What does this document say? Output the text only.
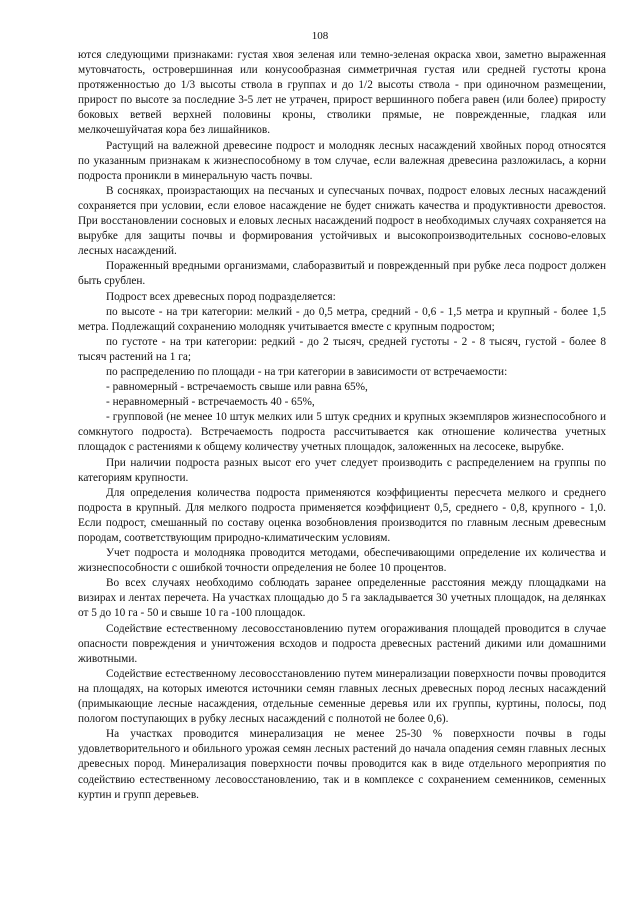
108

ются следующими признаками: густая хвоя зеленая или темно-зеленая окраска хвои, заметно выраженная мутовчатость, островершинная или конусообразная симметричная густая или средней густоты крона протяженностью до 1/3 высоты ствола в группах и до 1/2 высоты ствола - при одиночном размещении, прирост по высоте за последние 3-5 лет не утрачен, прирост вершинного побега равен (или более) приросту боковых ветвей верхней половины кроны, стволики прямые, не поврежденные, гладкая или мелкочешуйчатая кора без лишайников.

Растущий на валежной древесине подрост и молодняк лесных насаждений хвойных пород относятся по указанным признакам к жизнеспособному в том случае, если валежная древесина разложилась, а корни подроста проникли в минеральную часть почвы.

В сосняках, произрастающих на песчаных и супесчаных почвах, подрост еловых лесных насаждений сохраняется при условии, если еловое насаждение не будет снижать качества и продуктивности древостоя. При восстановлении сосновых и еловых лесных насаждений подрост в необходимых случаях сохраняется на вырубке для защиты почвы и формирования устойчивых и высокопроизводительных сосново-еловых лесных насаждений.

Пораженный вредными организмами, слаборазвитый и поврежденный при рубке леса подрост должен быть срублен.

Подрост всех древесных пород подразделяется:

по высоте - на три категории: мелкий - до 0,5 метра, средний - 0,6 - 1,5 метра и крупный - более 1,5 метра. Подлежащий сохранению молодняк учитывается вместе с крупным подростом;

по густоте - на три категории: редкий - до 2 тысяч, средней густоты - 2 - 8 тысяч, густой - более 8 тысяч растений на 1 га;

по распределению по площади - на три категории в зависимости от встречаемости:

- равномерный - встречаемость свыше или равна 65%,

- неравномерный - встречаемость 40 - 65%,

- групповой (не менее 10 штук мелких или 5 штук средних и крупных экземпляров жизнеспособного и сомкнутого подроста). Встречаемость подроста рассчитывается как отношение количества учетных площадок с растениями к общему количеству учетных площадок, заложенных на лесосеке, вырубке.

При наличии подроста разных высот его учет следует производить с распределением на группы по категориям крупности.

Для определения количества подроста применяются коэффициенты пересчета мелкого и среднего подроста в крупный. Для мелкого подроста применяется коэффициент 0,5, среднего - 0,8, крупного - 1,0. Если подрост, смешанный по составу оценка возобновления производится по главным лесным древесным породам, соответствующим природно-климатическим условиям.

Учет подроста и молодняка проводится методами, обеспечивающими определение их количества и жизнеспособности с ошибкой точности определения не более 10 процентов.

Во всех случаях необходимо соблюдать заранее определенные расстояния между площадками на визирах и лентах перечета. На участках площадью до 5 га закладывается 30 учетных площадок, на делянках от 5 до 10 га - 50 и свыше 10 га -100 площадок.

Содействие естественному лесовосстановлению путем огораживания площадей проводится в случае опасности повреждения и уничтожения всходов и подроста древесных растений дикими или домашними животными.

Содействие естественному лесовосстановлению путем минерализации поверхности почвы проводится на площадях, на которых имеются источники семян главных лесных древесных пород лесных насаждений (примыкающие лесные насаждения, отдельные семенные деревья или их группы, куртины, полосы, под пологом поступающих в рубку лесных насаждений с полнотой не более 0,6).

На участках проводится минерализация не менее 25-30 % поверхности почвы в годы удовлетворительного и обильного урожая семян лесных растений до начала опадения семян главных лесных древесных пород. Минерализация поверхности почвы проводится как в виде отдельного мероприятия по содействию естественному лесовосстановлению, так и в комплексе с сохранением семенников, семенных куртин и групп деревьев.
